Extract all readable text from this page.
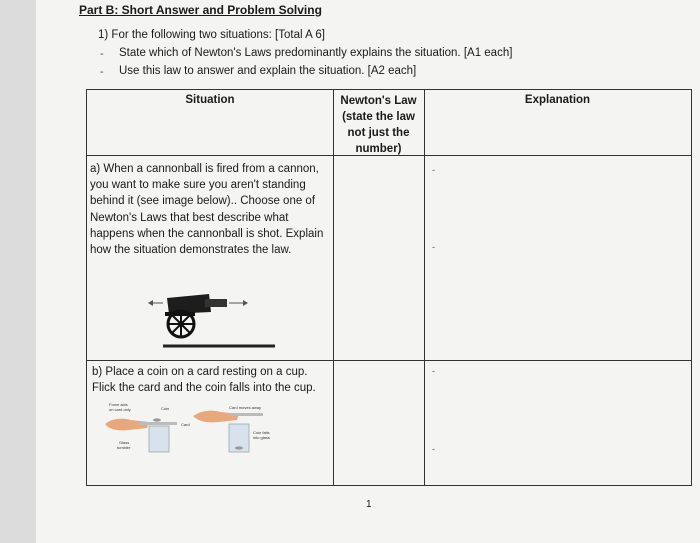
Part B: Short Answer and Problem Solving
1) For the following two situations: [Total A 6]
- State which of Newton's Laws predominantly explains the situation. [A1 each]
- Use this law to answer and explain the situation. [A2 each]
Situation	Newton's Law (state the law not just the number)
Explanation
a) When a cannonball is fired from a cannon, you want to make sure you aren't standing behind it (see image below).. Choose one of Newton's Laws that best describe what happens when the cannonball is shot. Explain how the situation demonstrates the law.
b) Place a coin on a card resting on a cup. Flick the card and the coin falls into the cup.
-
-
-
-
Force acts
on card only	Coin
Card
Glass
tumbler
Card moves away
Coin falls
into glass
1
